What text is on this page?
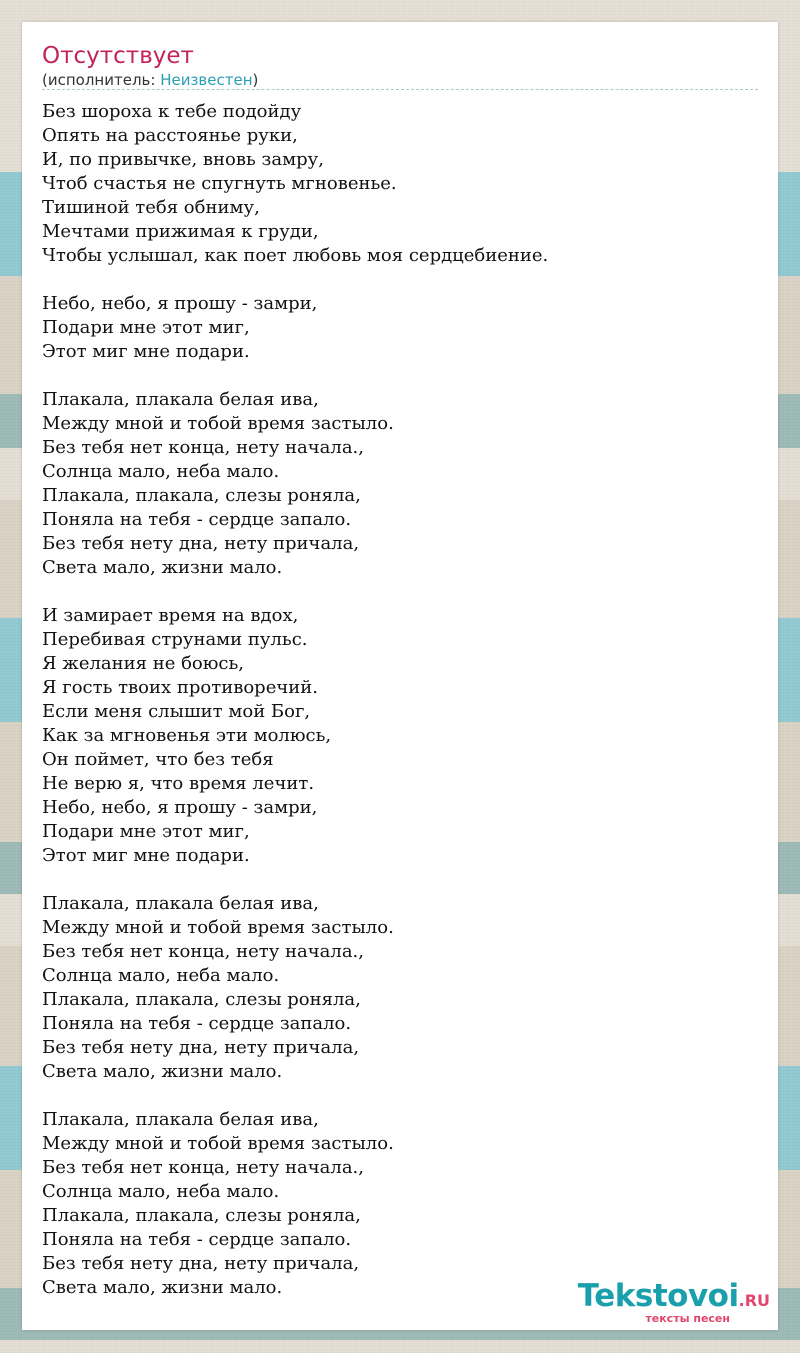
Отсутствует
(исполнитель: Неизвестен)
Без шороха к тебе подойду
Опять на расстоянье руки,
И, по привычке, вновь замру,
Чтоб счастья не спугнуть мгновенье.
Тишиной тебя обниму,
Мечтами прижимая к груди,
Чтобы услышал, как поет любовь моя сердцебиение.
Небо, небо, я прошу - замри,
Подари мне этот миг,
Этот миг мне подари.
Плакала, плакала белая ива,
Между мной и тобой время застыло.
Без тебя нет конца, нету начала.,
Солнца мало, неба мало.
Плакала, плакала, слезы роняла,
Поняла на тебя - сердце запало.
Без тебя нету дна, нету причала,
Света мало, жизни мало.
И замирает время на вдох,
Перебивая струнами пульс.
Я желания не боюсь,
Я гость твоих противоречий.
Если меня слышит мой Бог,
Как за мгновенья эти молюсь,
Он поймет, что без тебя
Не верю я, что время лечит.
Небо, небо, я прошу - замри,
Подари мне этот миг,
Этот миг мне подари.
Плакала, плакала белая ива,
Между мной и тобой время застыло.
Без тебя нет конца, нету начала.,
Солнца мало, неба мало.
Плакала, плакала, слезы роняла,
Поняла на тебя - сердце запало.
Без тебя нету дна, нету причала,
Света мало, жизни мало.
Плакала, плакала белая ива,
Между мной и тобой время застыло.
Без тебя нет конца, нету начала.,
Солнца мало, неба мало.
Плакала, плакала, слезы роняла,
Поняла на тебя - сердце запало.
Без тебя нету дна, нету причала,
Света мало, жизни мало.	Tekstovoi.RU
тексты песен
